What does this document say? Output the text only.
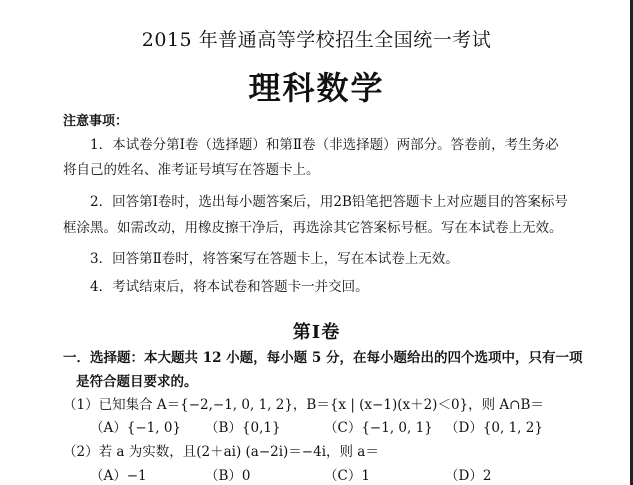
2015 年普通高等学校招生全国统一考试
理科数学
注意事项：
1．本试卷分第Ⅰ卷（选择题）和第Ⅱ卷（非选择题）两部分。答卷前，考生务必
将自己的姓名、准考证号填写在答题卡上。
2．回答第Ⅰ卷时，选出每小题答案后，用2B铅笔把答题卡上对应题目的答案标号
框涂黑。如需改动，用橡皮擦干净后，再选涂其它答案标号框。写在本试卷上无效。
3．回答第Ⅱ卷时，将答案写在答题卡上，写在本试卷上无效。
4．考试结束后，将本试卷和答题卡一并交回。
第Ⅰ卷
一．选择题：本大题共 12 小题，每小题 5 分，在每小题给出的四个选项中，只有一项
是符合题目要求的。
（1）已知集合 A＝{−2,−1, 0, 1, 2}，B＝{x | (x−1)(x＋2)＜0}，则 A∩B＝
（A）{−1, 0} （B）{0,1}	（C）{−1, 0, 1} （D）{0, 1, 2}
（2）若 a 为实数，且(2＋ai) (a−2i)＝−4i，则 a＝
（A）−1	（B）0	（C）1	（D）2
